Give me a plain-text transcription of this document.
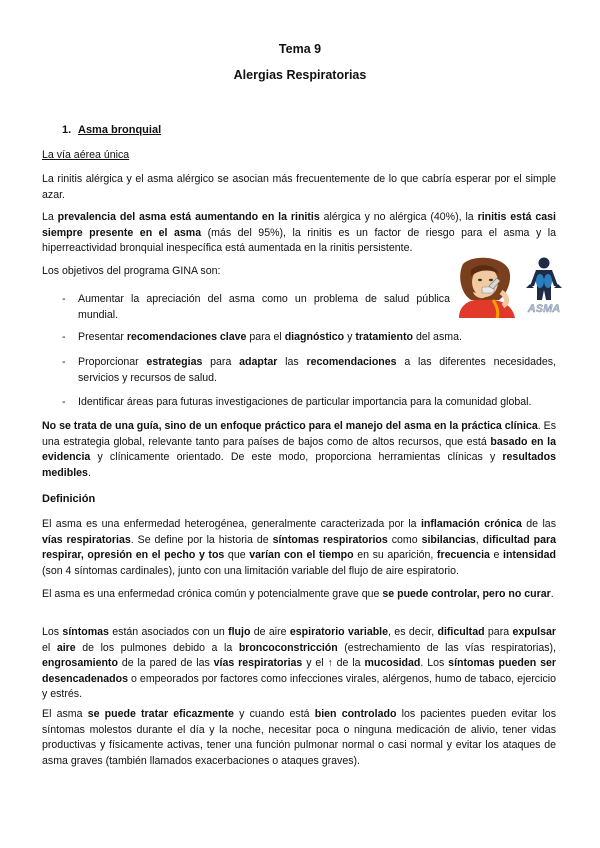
Tema 9
Alergias Respiratorias
1. Asma bronquial
La vía aérea única

La rinitis alérgica y el asma alérgico se asocian más frecuentemente de lo que cabría esperar por el simple azar.

La prevalencia del asma está aumentando en la rinitis alérgica y no alérgica (40%), la rinitis está casi siempre presente en el asma (más del 95%), la rinitis es un factor de riesgo para el asma y la hiperreactividad bronquial inespecífica está aumentada en la rinitis persistente.

Los objetivos del programa GINA son:

ASMA
- Aumentar la apreciación del asma como un problema de salud pública mundial.
- Presentar recomendaciones clave para el diagnóstico y tratamiento del asma.
- Proporcionar estrategias para adaptar las recomendaciones a las diferentes necesidades, servicios y recursos de salud.
- Identificar áreas para futuras investigaciones de particular importancia para la comunidad global.

No se trata de una guía, sino de un enfoque práctico para el manejo del asma en la práctica clínica. Es una estrategia global, relevante tanto para países de bajos como de altos recursos, que está basado en la evidencia y clínicamente orientado. De este modo, proporciona herramientas clínicas y resultados medibles.

Definición

El asma es una enfermedad heterogénea, generalmente caracterizada por la inflamación crónica de las vías respiratorias. Se define por la historia de síntomas respiratorios como sibilancias, dificultad para respirar, opresión en el pecho y tos que varían con el tiempo en su aparición, frecuencia e intensidad (son 4 síntomas cardinales), junto con una limitación variable del flujo de aire espiratorio.

El asma es una enfermedad crónica común y potencialmente grave que se puede controlar, pero no curar.

Los síntomas están asociados con un flujo de aire espiratorio variable, es decir, dificultad para expulsar el aire de los pulmones debido a la broncoconstricción (estrechamiento de las vías respiratorias), engrosamiento de la pared de las vías respiratorias y el ↑ de la mucosidad. Los síntomas pueden ser desencadenados o empeorados por factores como infecciones virales, alérgenos, humo de tabaco, ejercicio y estrés.

El asma se puede tratar eficazmente y cuando está bien controlado los pacientes pueden evitar los síntomas molestos durante el día y la noche, necesitar poca o ninguna medicación de alivio, tener vidas productivas y físicamente activas, tener una función pulmonar normal o casi normal y evitar los ataques de asma graves (también llamados exacerbaciones o ataques graves).
